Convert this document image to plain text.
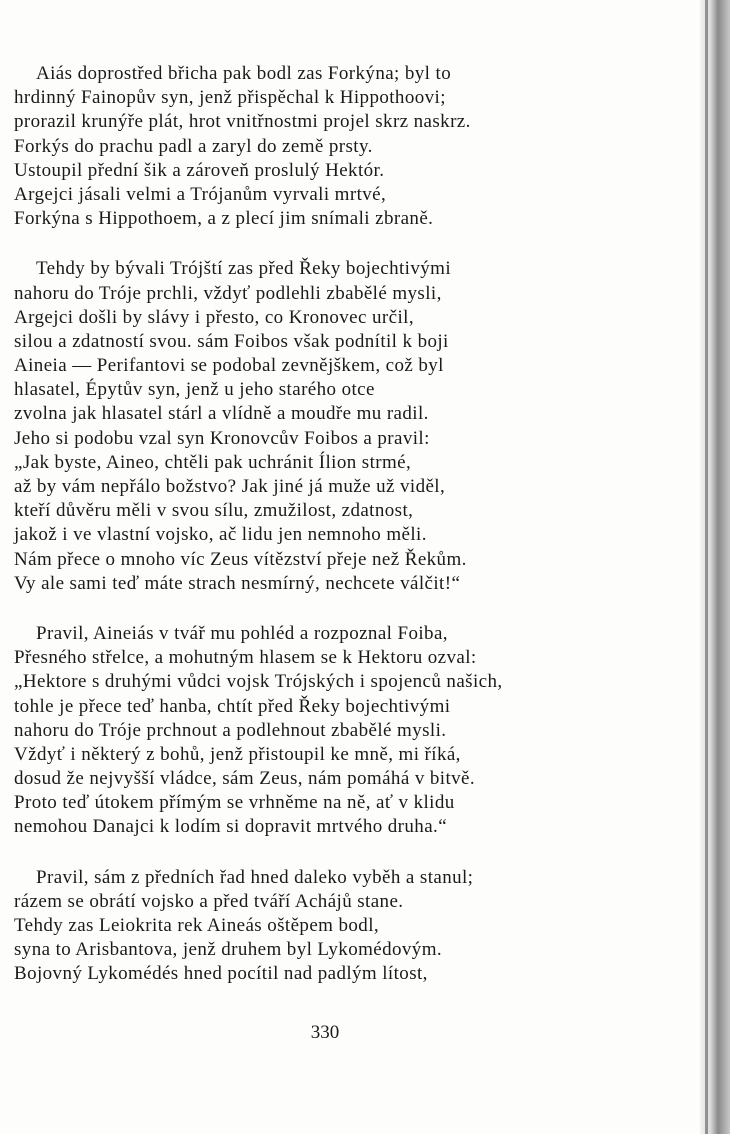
Aiás doprostřed břicha pak bodl zas Forkýna; byl to
hrdinný Fainopův syn, jenž přispěchal k Hippothoovi;
prorazil krunýře plát, hrot vnitřnostmi projel skrz naskrz.
Forkýs do prachu padl a zaryl do země prsty.
Ustoupil přední šik a zároveň proslulý Hektór.
Argejci jásali velmi a Trójanům vyrvali mrtvé,
Forkýna s Hippothoem, a z plecí jim snímali zbraně.
Tehdy by bývali Trójští zas před Řeky bojechtivými
nahoru do Tróje prchli, vždyť podlehli zbabělé mysli,
Argejci došli by slávy i přesto, co Kronovec určil,
silou a zdatností svou. sám Foibos však podnítil k boji
Aineia — Perifantovi se podobal zevnějškem, což byl
hlasatel, Épytův syn, jenž u jeho starého otce
zvolna jak hlasatel stárl a vlídně a moudře mu radil.
Jeho si podobu vzal syn Kronovcův Foibos a pravil:
„Jak byste, Aineo, chtěli pak uchránit Ílion strmé,
až by vám nepřálo božstvo? Jak jiné já muže už viděl,
kteří důvěru měli v svou sílu, zmužilost, zdatnost,
jakož i ve vlastní vojsko, ač lidu jen nemnoho měli.
Nám přece o mnoho víc Zeus vítězství přeje než Řekům.
Vy ale sami teď máte strach nesmírný, nechcete válčit!“
Pravil, Aineiás v tvář mu pohléd a rozpoznal Foiba,
Přesného střelce, a mohutným hlasem se k Hektoru ozval:
„Hektore s druhými vůdci vojsk Trójských i spojenců našich,
tohle je přece teď hanba, chtít před Řeky bojechtivými
nahoru do Tróje prchnout a podlehnout zbabělé mysli.
Vždyť i některý z bohů, jenž přistoupil ke mně, mi říká,
dosud že nejvyšší vládce, sám Zeus, nám pomáhá v bitvě.
Proto teď útokem přímým se vrhněme na ně, ať v klidu
nemohou Danajci k lodím si dopravit mrtvého druha.“
Pravil, sám z předních řad hned daleko vyběh a stanul;
rázem se obrátí vojsko a před tváří Achájů stane.
Tehdy zas Leiokrita rek Aineás oštěpem bodl,
syna to Arisbantova, jenž druhem byl Lykomédovým.
Bojovný Lykomédés hned pocítil nad padlým lítost,
330
